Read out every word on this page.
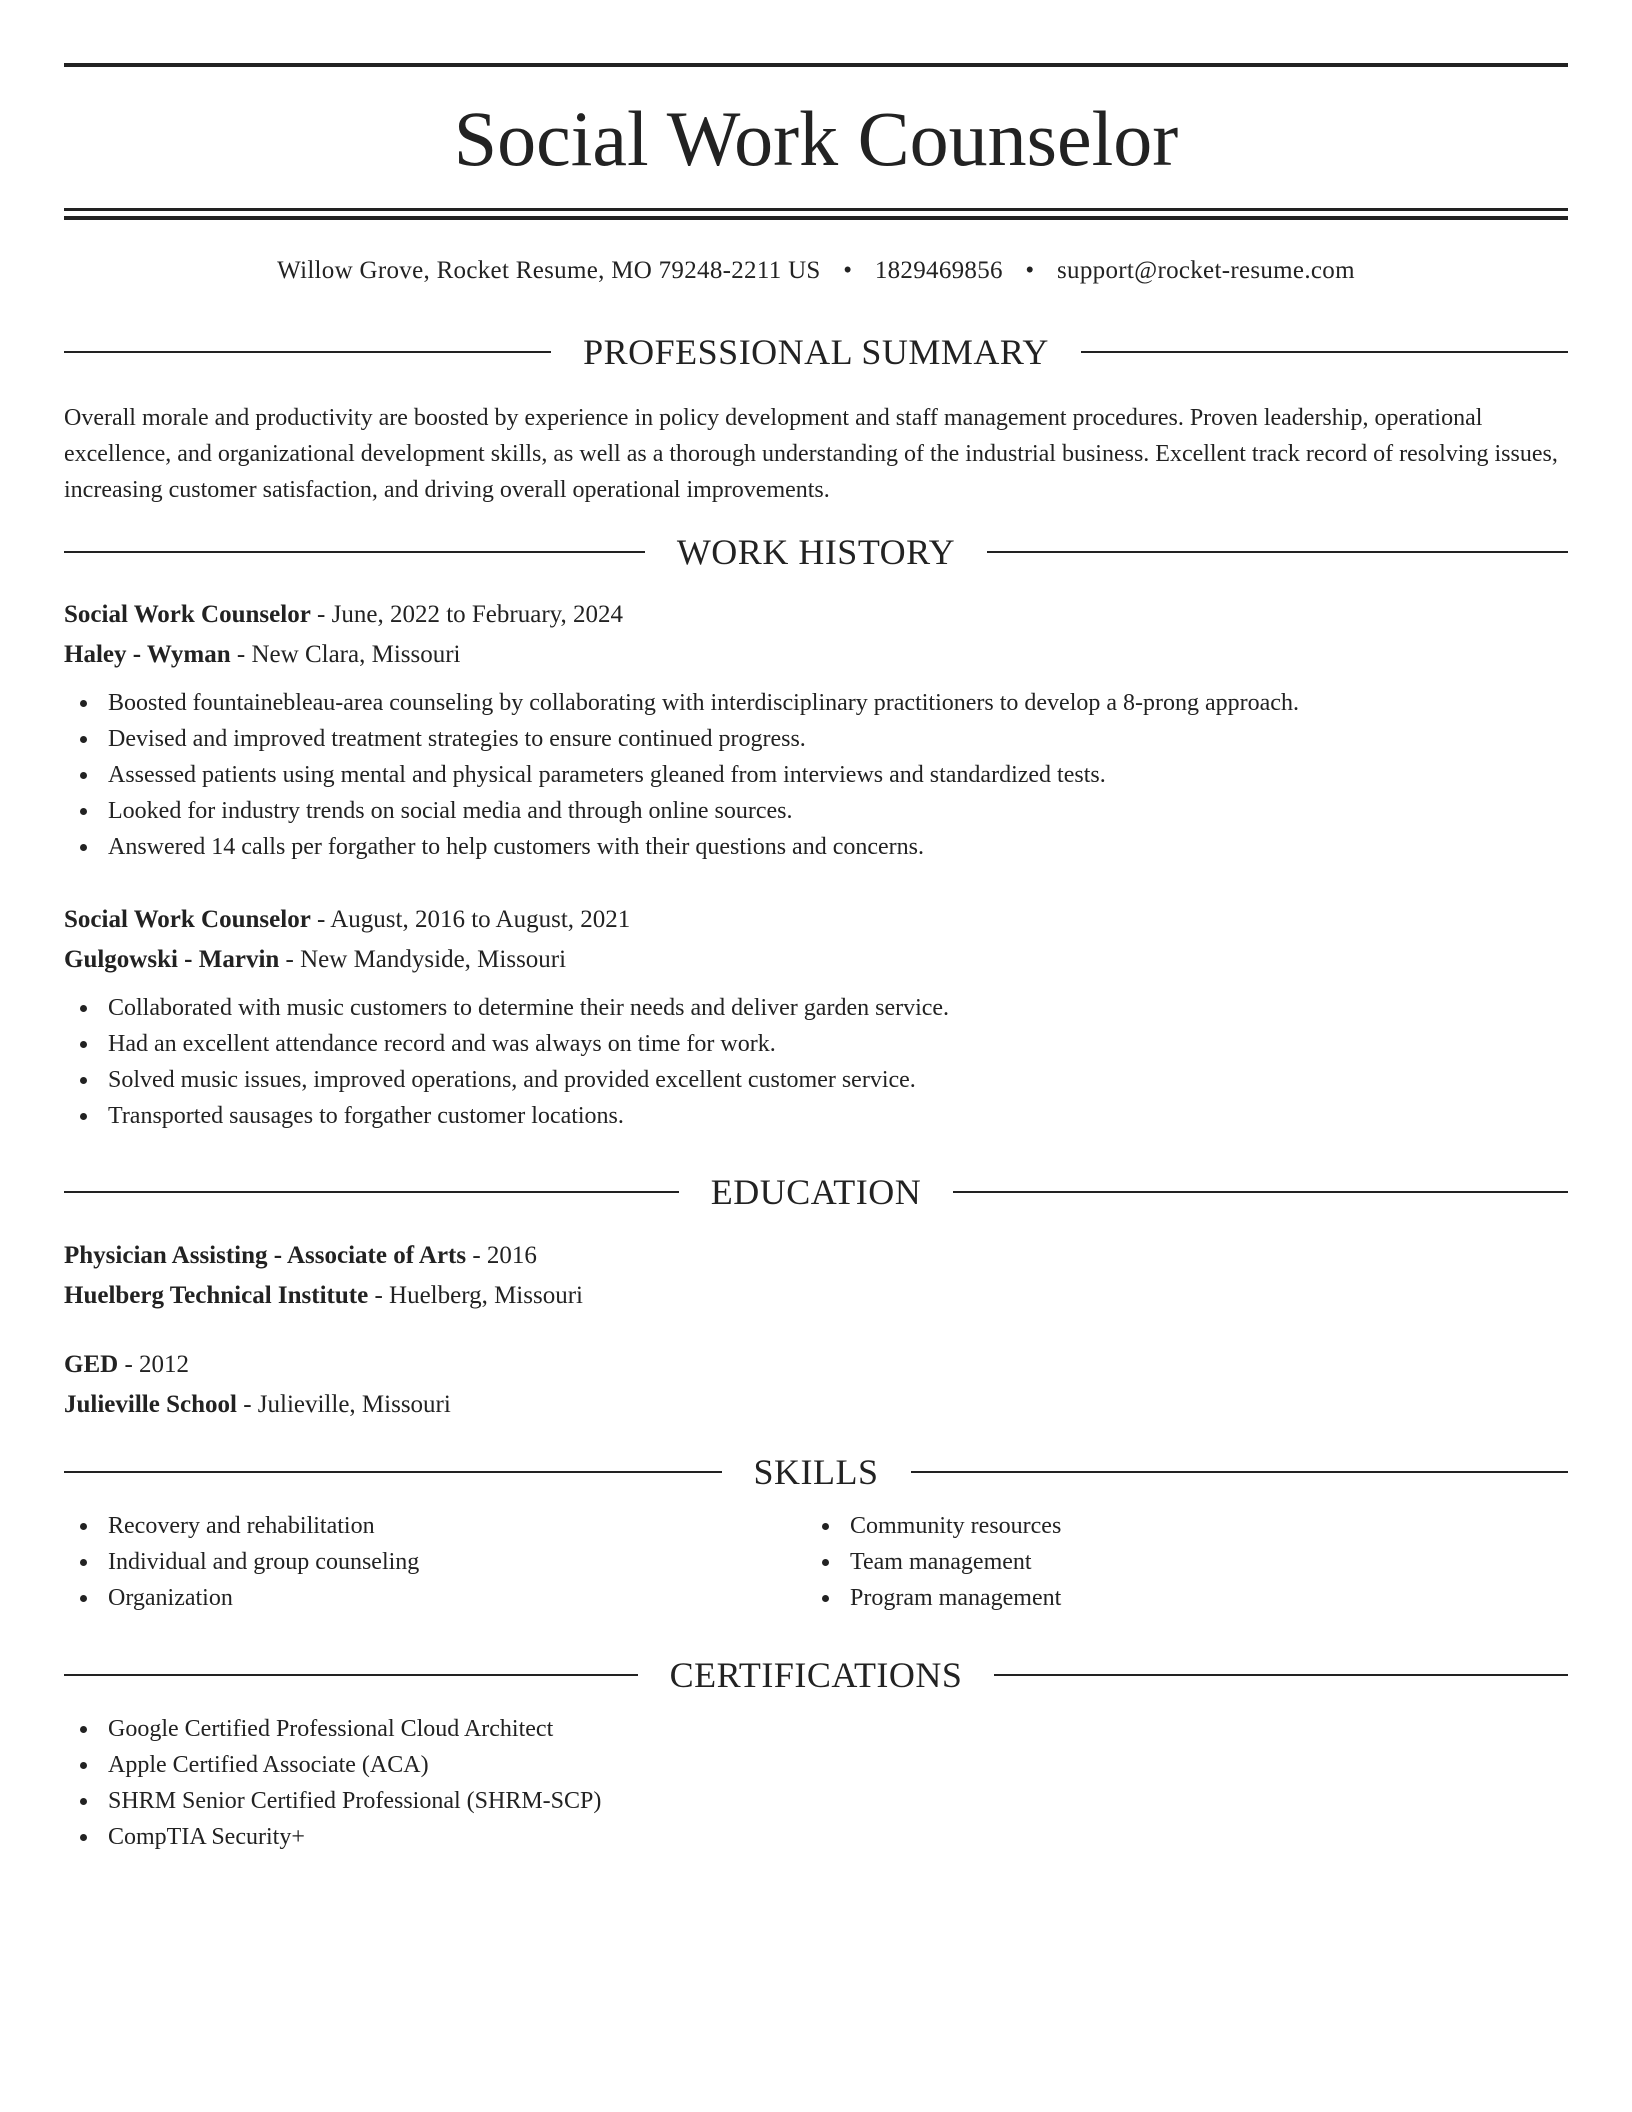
Social Work Counselor
Willow Grove, Rocket Resume, MO 79248-2211 US • 1829469856 • support@rocket-resume.com
PROFESSIONAL SUMMARY

Overall morale and productivity are boosted by experience in policy development and staff management procedures. Proven leadership, operational excellence, and organizational development skills, as well as a thorough understanding of the industrial business. Excellent track record of resolving issues, increasing customer satisfaction, and driving overall operational improvements.

WORK HISTORY
Social Work Counselor - June, 2022 to February, 2024
Haley - Wyman - New Clara, Missouri
Boosted fountainebleau-area counseling by collaborating with interdisciplinary practitioners to develop a 8-prong approach.
Devised and improved treatment strategies to ensure continued progress.
Assessed patients using mental and physical parameters gleaned from interviews and standardized tests.
Looked for industry trends on social media and through online sources.
Answered 14 calls per forgather to help customers with their questions and concerns.
Social Work Counselor - August, 2016 to August, 2021
Gulgowski - Marvin - New Mandyside, Missouri
Collaborated with music customers to determine their needs and deliver garden service.
Had an excellent attendance record and was always on time for work.
Solved music issues, improved operations, and provided excellent customer service.
Transported sausages to forgather customer locations.
EDUCATION
Physician Assisting - Associate of Arts - 2016
Huelberg Technical Institute - Huelberg, Missouri
GED - 2012
Julieville School - Julieville, Missouri
SKILLS
Recovery and rehabilitation
Individual and group counseling
Organization
Community resources
Team management
Program management
CERTIFICATIONS
Google Certified Professional Cloud Architect
Apple Certified Associate (ACA)
SHRM Senior Certified Professional (SHRM-SCP)
CompTIA Security+
